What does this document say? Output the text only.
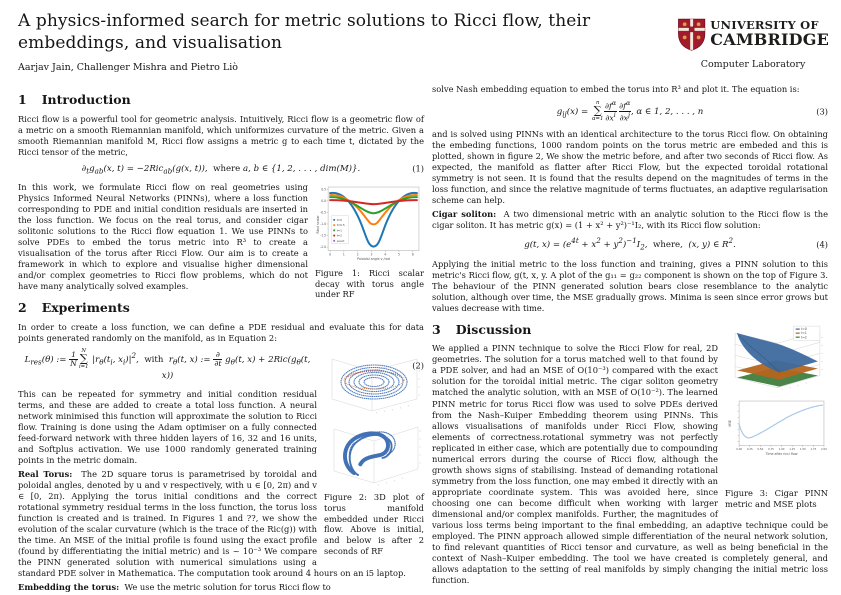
A physics-informed search for metric solutions to Ricci flow, their embeddings, and visualisation
Aarjav Jain, Challenger Mishra and Pietro Liò
UNIVERSITY OF
CAMBRIDGE
Computer Laboratory
1 Introduction

Ricci flow is a powerful tool for geometric analysis. Intuitively, Ricci flow is a geometric flow of a metric on a smooth Riemannian manifold, which uniformizes curvature of the metric. Given a smooth Riemannian manifold M, Ricci flow assigns a metric g to each time t, dictated by the Ricci tensor of the metric,

$\partial_tg_{ab}(x$, t) = −2Ric$_{ab}$(g(x, t)),  where a, b ∈ {1, 2, . . . , dim(M)}.	(1)
0	1	2	3	4	5	6
0.5
0.0
-0.5
-1.0
-1.5
-2.0
Poloidal angle v /rad
Ricci scalar	t=0
t=0.5
t=1
t=2
exact
Figure 1: Ricci scalar decay with torus angle under RF

In this work, we formulate Ricci flow on real geometries using Physics Informed Neural Networks (PINNs), where a loss function corresponding to PDE and initial condition residuals are inserted in the loss function. We focus on the real torus, and consider cigar solitonic solutions to the Ricci flow equation 1. We use PINNs to solve PDEs to embed the torus metric into R³ to create a visualisation of the torus after Ricci Flow. Our aim is to create a framework in which to explore and visualise higher dimensional and/or complex geometries to Ricci flow problems, which do not have many analytically solved examples.

2 Experiments

In order to create a loss function, we can define a PDE residual and evaluate this for data points generated randomly on the manifold, as in Equation 2:

Figure 2: 3D plot of torus manifold embedded under Ricci flow. Above is initial, and below is after 2 seconds of RF
$L_{res}(\theta)$ := $\frac{1}{N}$ N
∑
i=1
$|r_\theta(t_i$, $x_i)|^2$,  with  $r_\theta(t$, x) := $\frac{\partial}{\partial t} g_\theta(t$, $x) + 2Ric(g_\theta(t$, x))
(2)

This can be repeated for symmetry and initial condition residual terms, and these are added to create a total loss function. A neural network minimised this function will approximate the solution to Ricci flow. Training is done using the Adam optimiser on a fully connected feed-forward network with three hidden layers of 16, 32 and 16 units, and Softplus activation. We use 1000 randomly generated training points in the metric domain.

Real Torus: The 2D square torus is parametrised by toroidal and poloidal angles, denoted by u and v respectively, with u ∈ [0, 2π) and v ∈ [0, 2π). Applying the torus initial conditions and the correct rotational symmetry residual terms in the loss function, the torus loss function is created and is trained. In Figures 1 and ??, we show the evolution of the scalar curvature (which is the trace of the Ric(g)) with the time. An MSE of the initial profile is found using the exact profile (found by differentiating the initial metric) and is ~ 10⁻³ We compare the PINN generated solution with numerical simulations using a standard PDE solver in Mathematica. The computation took around 4 hours on an i5 laptop.

Embedding the torus: We use the metric solution for torus Ricci flow to

solve Nash embedding equation to embed the torus into R³ and plot it. The equation is:

$g_{ij}(x)$ =
n
∑
$\alpha=1 \frac{\partial f^\alpha}{\partial x^i}$
  $\frac{\partial f^\alpha}{\partial x^j}$ , α ∈ 1, 2, . . . , n	(3)

and is solved using PINNs with an identical architecture to the torus Ricci flow. On obtaining the embeding functions, 1000 random points on the torus metric are embeded and this is plotted, shown in figure 2, We show the metric before, and after two seconds of Ricci flow. As expected, the manifold as flatter after Ricci Flow, but the expected toroidal rotational symmetry is not seen. It is found that the results depend on the magnitudes of terms in the loss function, and since the relative magnitude of terms fluctuates, an adaptive regularisation scheme can help.

Cigar soliton: A two dimensional metric with an analytic solution to the Ricci flow is the cigar soliton. It has metric g(x) = (1 + x² + y²)⁻¹I₂, with its Ricci flow solution:

g(t, $x) = (e^{4t} + x^2 + y^2)^{-1}I_2$,  where,  (x, y) ∈ $R^2$.	(4)

Applying the initial metric to the loss function and training, gives a PINN solution to this metric's Ricci flow, g(t, x, y. A plot of the g₁₁ = g₂₂ component is shown on the top of Figure 3. The behaviour of the PINN generated solution bears close resemblance to the analytic solution, although over time, the MSE gradually grows. Minima is seen since error grows but values decrease with time.

t=0
t=1
t=2
0.00 0.25 0.50 0.75 1.00 1.25 1.50 1.75 2.00
Time after ricci flow
MSE
Figure 3: Cigar PINN metric and MSE plots
3 Discussion

We applied a PINN technique to solve the Ricci Flow for real, 2D geometries. The solution for a torus matched well to that found by a PDE solver, and had an MSE of O(10⁻³) compared with the exact solution for the toroidal initial metric. The cigar soliton geometry matched the analytic solution, with an MSE of O(10⁻²). The learned PINN metric for torus Ricci flow was used to solve PDEs derived from the Nash–Kuiper Embedding theorem using PINNs. This allows visualisations of manifolds under Ricci Flow, showing elements of correctness.rotational symmetry was not perfectly replicated in either case, which are potentially due to compounding numerical errors during the course of Ricci flow, although the growth shows signs of stabilising. Instead of demanding rotational symmetry from the loss function, one may embed it directly with an appropriate coordinate system. This was avoided here, since choosing one can become difficult when working with larger dimensional and/or complex manifolds. Further, the magnitudes of various loss terms being important to the final embedding, an adaptive technique could be employed. The PINN approach allowed simple differentiation of the neural network solution, to find relevant quantities of Ricci tensor and curvature, as well as being beneficial in the context of Nash–Kuiper embedding. The tool we have created is completely general, and allows adaptation to the setting of real manifolds by simply changing the initial metric loss function.
